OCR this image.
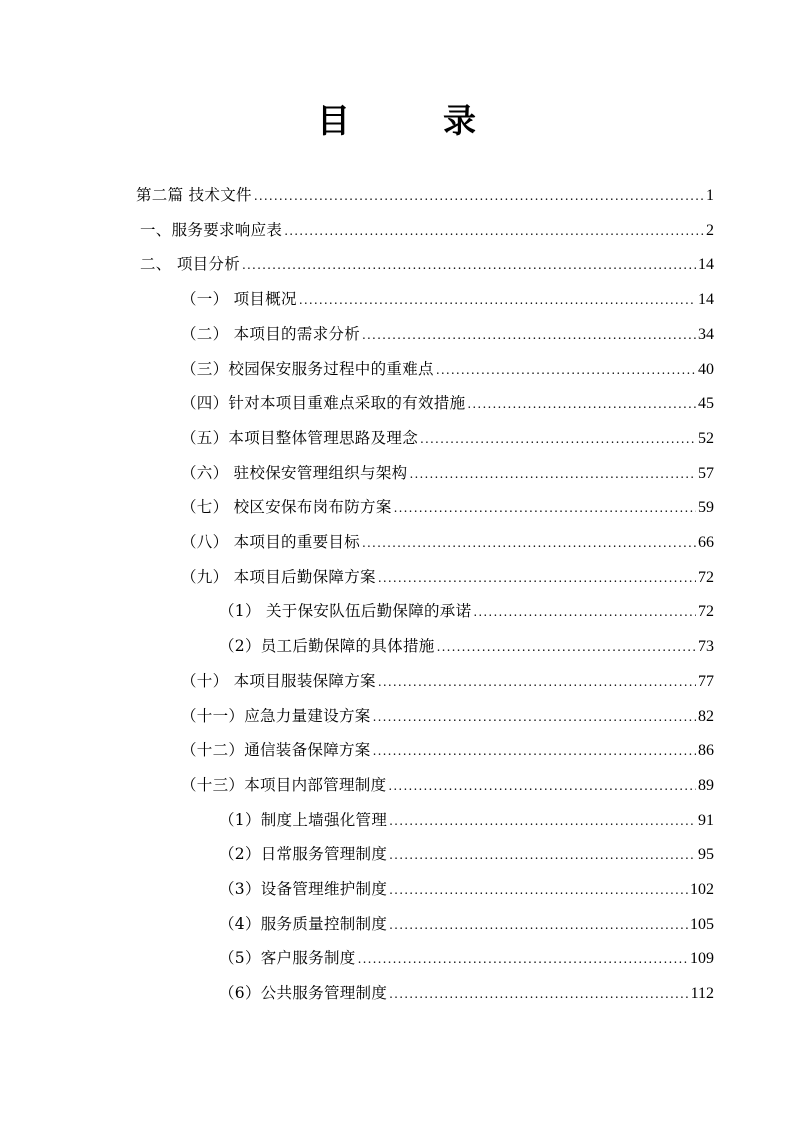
目　录
第二篇 技术文件 .....	1
一、服务要求响应表 .....	2
二、 项目分析 .....	14
（一） 项目概况 .....	14
（二） 本项目的需求分析 .....	34
（三）校园保安服务过程中的重难点 .....	40
（四）针对本项目重难点采取的有效措施 .....	45
（五）本项目整体管理思路及理念 .....	52
（六） 驻校保安管理组织与架构 .....	57
（七） 校区安保布岗布防方案 .....	59
（八） 本项目的重要目标 .....	66
（九） 本项目后勤保障方案 .....	72
（1） 关于保安队伍后勤保障的承诺 .....	72
（2）员工后勤保障的具体措施 .....	73
（十） 本项目服装保障方案 .....	77
（十一）应急力量建设方案 .....	82
（十二）通信装备保障方案 .....	86
（十三）本项目内部管理制度 .....	89
（1）制度上墙强化管理 .....	91
（2）日常服务管理制度 .....	95
（3）设备管理维护制度 .....	102
（4）服务质量控制制度 .....	105
（5）客户服务制度 .....	109
（6）公共服务管理制度 .....	112
